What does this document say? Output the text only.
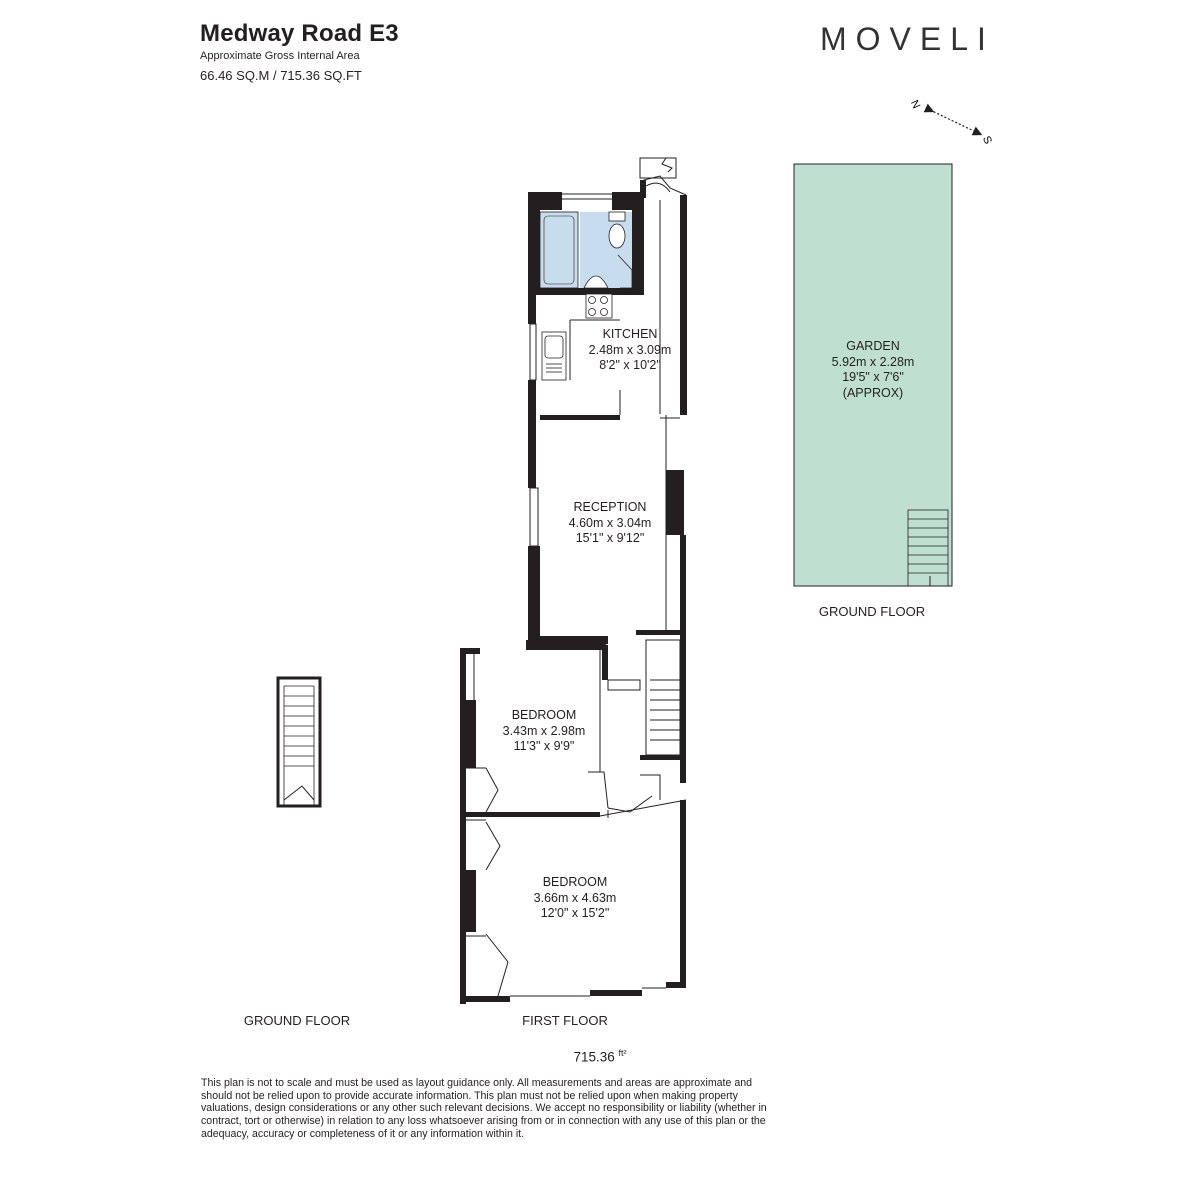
Medway Road E3
Approximate Gross Internal Area
66.46 SQ.M / 715.36 SQ.FT
MOVELI
N
S
KITCHEN
2.48m x 3.09m
8'2" x 10'2"
RECEPTION
4.60m x 3.04m
15'1" x 9'12"
BEDROOM
3.43m x 2.98m
11'3" x 9'9"
BEDROOM
3.66m x 4.63m
12'0" x 15'2"
GARDEN
5.92m x 2.28m
19'5" x 7'6"
(APPROX)
GROUND FLOOR	FIRST FLOOR
GROUND FLOOR
715.36 $^{ft^2}$
This plan is not to scale and must be used as layout guidance only. All measurements and areas are approximate and should not be relied upon to provide accurate information. This plan must not be relied upon when making property valuations, design considerations or any other such relevant decisions. We accept no responsibility or liability (whether in contract, tort or otherwise) in relation to any loss whatsoever arising from or in connection with any use of this plan or the adequacy, accuracy or completeness of it or any information within it.
